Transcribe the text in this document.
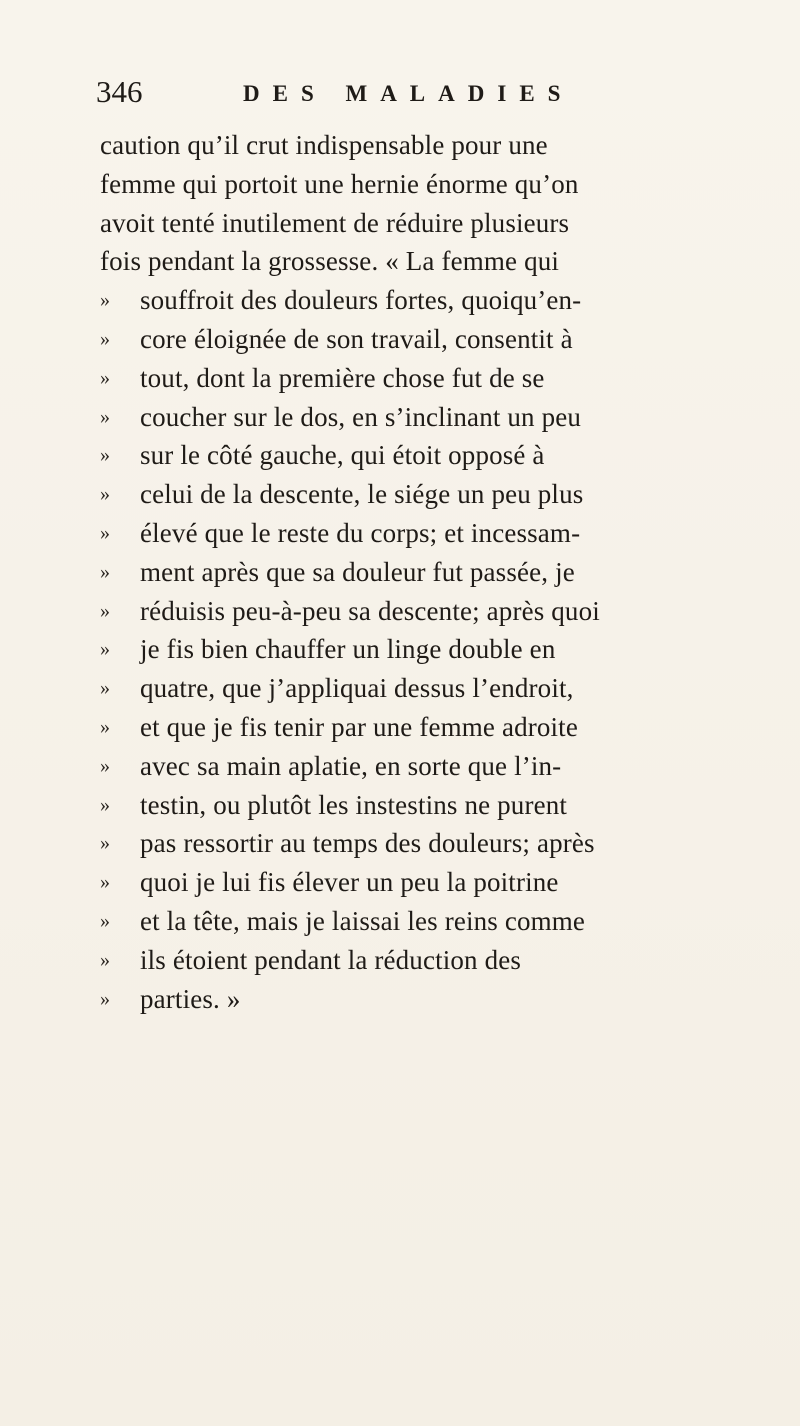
346	DES MALADIES
caution qu’il crut indispensable pour une
femme qui portoit une hernie énorme qu’on
avoit tenté inutilement de réduire plusieurs
fois pendant la grossesse. « La femme qui
»	souffroit des douleurs fortes, quoiqu’en-
»	core éloignée de son travail, consentit à
»	tout, dont la première chose fut de se
»	coucher sur le dos, en s’inclinant un peu
»	sur le côté gauche, qui étoit opposé à
»	celui de la descente, le siége un peu plus
»	élevé que le reste du corps; et incessam-
»	ment après que sa douleur fut passée, je
»	réduisis peu-à-peu sa descente; après quoi
»	je fis bien chauffer un linge double en
»	quatre, que j’appliquai dessus l’endroit,
»	et que je fis tenir par une femme adroite
»	avec sa main aplatie, en sorte que l’in-
»	testin, ou plutôt les instestins ne purent
»	pas ressortir au temps des douleurs; après
»	quoi je lui fis élever un peu la poitrine
»	et la tête, mais je laissai les reins comme
»	ils étoient pendant la réduction des
»	parties. »
